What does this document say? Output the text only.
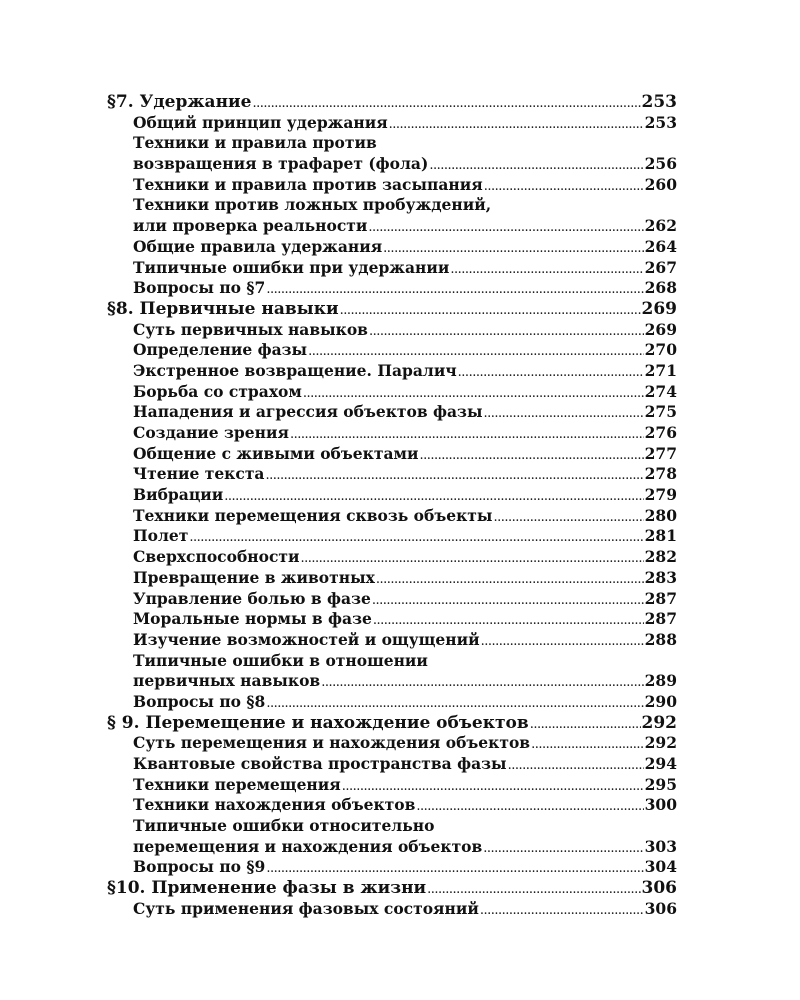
§7. Удержание .....	253
Общий принцип удержания .....	253
Техники и правила против
возвращения в трафарет (фола) .....	256
Техники и правила против засыпания .....	260
Техники против ложных пробуждений,
или проверка реальности .....	262
Общие правила удержания .....	264
Типичные ошибки при удержании .....	267
Вопросы по §7 .....	268
§8. Первичные навыки .....	269
Суть первичных навыков .....	269
Определение фазы .....	270
Экстренное возвращение. Паралич .....	271
Борьба со страхом .....	274
Нападения и агрессия объектов фазы .....	275
Создание зрения .....	276
Общение с живыми объектами .....	277
Чтение текста .....	278
Вибрации .....	279
Техники перемещения сквозь объекты .....	280
Полет .....	281
Сверхспособности .....	282
Превращение в животных .....	283
Управление болью в фазе .....	287
Моральные нормы в фазе .....	287
Изучение возможностей и ощущений .....	288
Типичные ошибки в отношении
первичных навыков .....	289
Вопросы по §8 .....	290
§ 9. Перемещение и нахождение объектов .....	292
Суть перемещения и нахождения объектов .....	292
Квантовые свойства пространства фазы .....	294
Техники перемещения .....	295
Техники нахождения объектов .....	300
Типичные ошибки относительно
перемещения и нахождения объектов .....	303
Вопросы по §9 .....	304
§10. Применение фазы в жизни .....	306
Суть применения фазовых состояний .....	306
